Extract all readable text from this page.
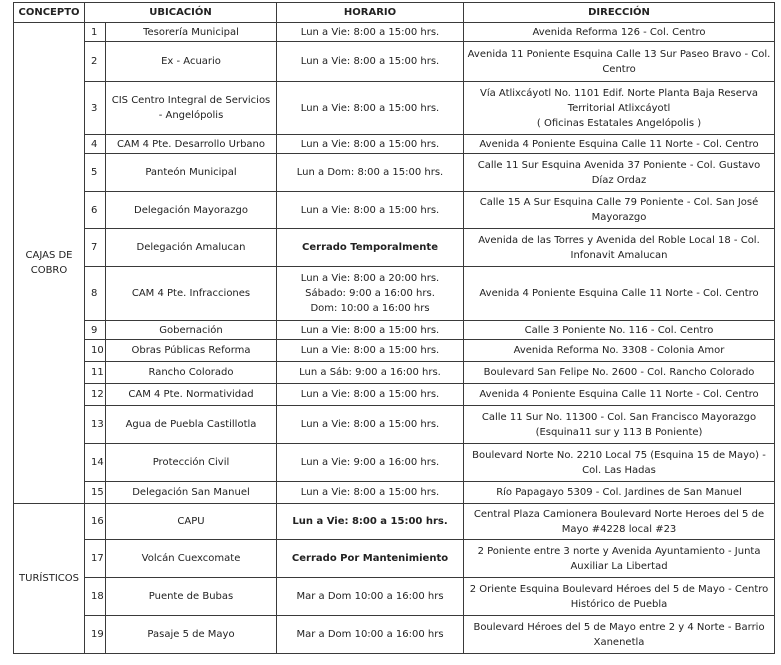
CONCEPTO	UBICACIÓN		HORARIO	DIRECCIÓN
CAJAS DE
COBRO	1	Tesorería Municipal	Lun a Vie: 8:00 a 15:00 hrs.	Avenida Reforma 126 - Col. Centro
	2	Ex - Acuario	Lun a Vie: 8:00 a 15:00 hrs.	Avenida 11 Poniente Esquina Calle 13 Sur Paseo Bravo - Col. Centro
	3	CIS Centro Integral de Servicios - Angelópolis	Lun a Vie: 8:00 a 15:00 hrs.	Vía Atlixcáyotl No. 1101 Edif. Norte Planta Baja Reserva Territorial Atlixcáyotl
( Oficinas Estatales Angelópolis )
	4	CAM 4 Pte. Desarrollo Urbano	Lun a Vie: 8:00 a 15:00 hrs.	Avenida 4 Poniente Esquina Calle 11 Norte - Col. Centro
	5	Panteón Municipal	Lun a Dom: 8:00 a 15:00 hrs.	Calle 11 Sur Esquina Avenida 37 Poniente - Col. Gustavo Díaz Ordaz
	6	Delegación Mayorazgo	Lun a Vie: 8:00 a 15:00 hrs.	Calle 15 A Sur Esquina Calle 79 Poniente - Col. San José Mayorazgo
	7	Delegación Amalucan	Cerrado Temporalmente	Avenida de las Torres y Avenida del Roble Local 18 - Col. Infonavit Amalucan
	8	CAM 4 Pte. Infracciones	Lun a Vie: 8:00 a 20:00 hrs. Sábado: 9:00 a 16:00 hrs.
Dom: 10:00 a 16:00 hrs	Avenida 4 Poniente Esquina Calle 11 Norte - Col. Centro
	9	Gobernación	Lun a Vie: 8:00 a 15:00 hrs.	Calle 3 Poniente No. 116 - Col. Centro
	10	Obras Públicas Reforma	Lun a Vie: 8:00 a 15:00 hrs.	Avenida Reforma No. 3308 - Colonia Amor
	11	Rancho Colorado	Lun a Sáb: 9:00 a 16:00 hrs.	Boulevard San Felipe No. 2600 - Col. Rancho Colorado
	12	CAM 4 Pte. Normatividad	Lun a Vie: 8:00 a 15:00 hrs.	Avenida 4 Poniente Esquina Calle 11 Norte - Col. Centro
	13	Agua de Puebla Castillotla	Lun a Vie: 8:00 a 15:00 hrs.	Calle 11 Sur No. 11300 - Col. San Francisco Mayorazgo (Esquina11 sur y 113 B Poniente)
	14	Protección Civil	Lun a Vie: 9:00 a 16:00 hrs.	Boulevard Norte No. 2210 Local 75 (Esquina 15 de Mayo) - Col. Las Hadas
	15	Delegación San Manuel	Lun a Vie: 8:00 a 15:00 hrs.	Río Papagayo 5309 - Col. Jardines de San Manuel
TURÍSTICOS	16	CAPU	Lun a Vie: 8:00 a 15:00 hrs.	Central Plaza Camionera Boulevard Norte Heroes del 5 de Mayo #4228 local #23
	17	Volcán Cuexcomate	Cerrado Por Mantenimiento	2 Poniente entre 3 norte y Avenida Ayuntamiento - Junta Auxiliar La Libertad
	18	Puente de Bubas	Mar a Dom 10:00 a 16:00 hrs	2 Oriente Esquina Boulevard Héroes del 5 de Mayo - Centro Histórico de Puebla
	19	Pasaje 5 de Mayo	Mar a Dom 10:00 a 16:00 hrs	Boulevard Héroes del 5 de Mayo entre 2 y 4 Norte - Barrio Xanenetla
